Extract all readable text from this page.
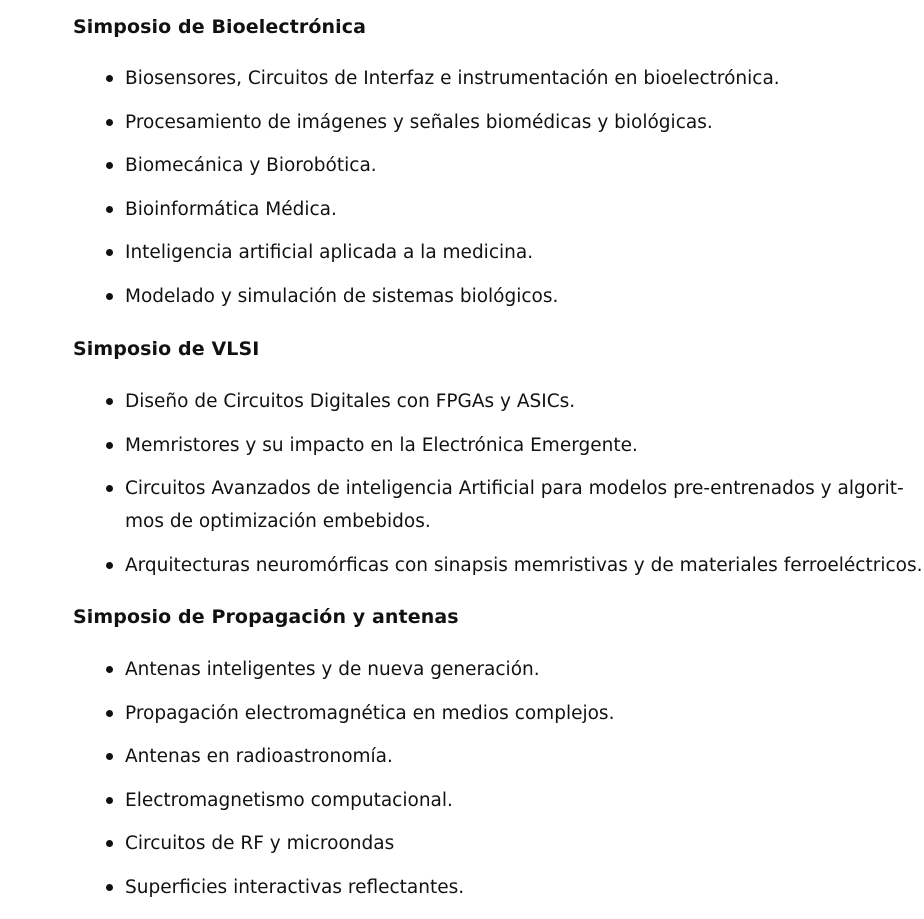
Simposio de Bioelectrónica
Biosensores, Circuitos de Interfaz e instrumentación en bioelectrónica.
Procesamiento de imágenes y señales biomédicas y biológicas.
Biomecánica y Biorobótica.
Bioinformática Médica.
Inteligencia artificial aplicada a la medicina.
Modelado y simulación de sistemas biológicos.
Simposio de VLSI
Diseño de Circuitos Digitales con FPGAs y ASICs.
Memristores y su impacto en la Electrónica Emergente.
Circuitos Avanzados de inteligencia Artificial para modelos pre-entrenados y algorit-mos de optimización embebidos.
Arquitecturas neuromórficas con sinapsis memristivas y de materiales ferroeléctricos.
Simposio de Propagación y antenas
Antenas inteligentes y de nueva generación.
Propagación electromagnética en medios complejos.
Antenas en radioastronomía.
Electromagnetismo computacional.
Circuitos de RF y microondas
Superficies interactivas reflectantes.
